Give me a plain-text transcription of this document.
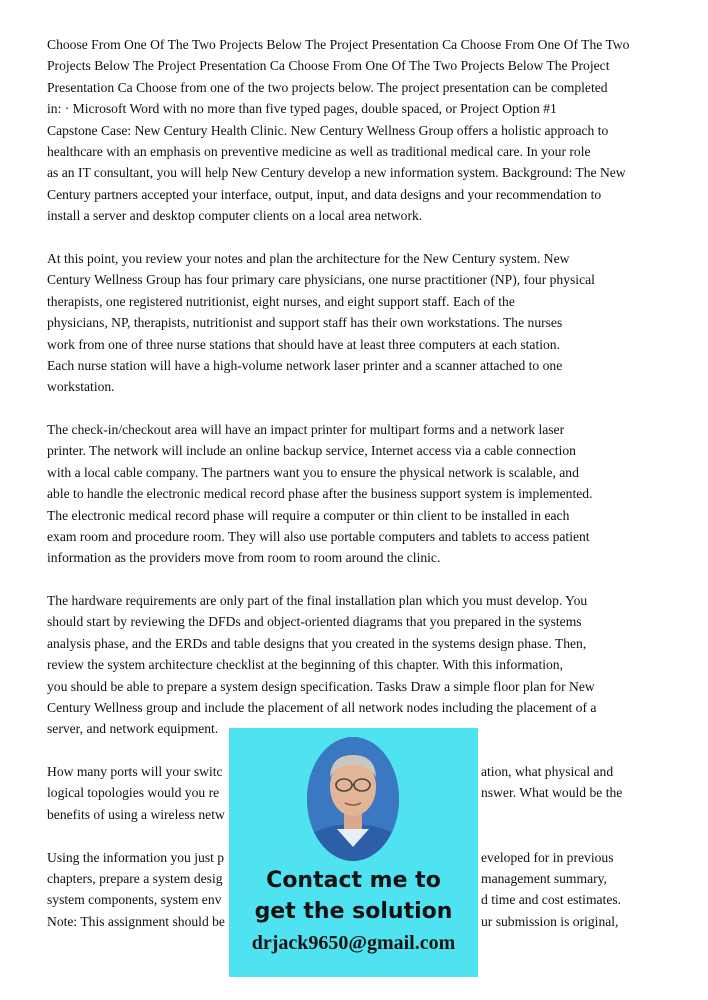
Choose From One Of The Two Projects Below The Project Presentation Ca Choose From One Of The Two
Projects Below The Project Presentation Ca Choose From One Of The Two Projects Below The Project
Presentation Ca Choose from one of the two projects below. The project presentation can be completed
in: · Microsoft Word with no more than five typed pages, double spaced, or Project Option #1
Capstone Case: New Century Health Clinic. New Century Wellness Group offers a holistic approach to
healthcare with an emphasis on preventive medicine as well as traditional medical care. In your role
as an IT consultant, you will help New Century develop a new information system. Background: The New
Century partners accepted your interface, output, input, and data designs and your recommendation to
install a server and desktop computer clients on a local area network.
At this point, you review your notes and plan the architecture for the New Century system. New
Century Wellness Group has four primary care physicians, one nurse practitioner (NP), four physical
therapists, one registered nutritionist, eight nurses, and eight support staff. Each of the
physicians, NP, therapists, nutritionist and support staff has their own workstations. The nurses
work from one of three nurse stations that should have at least three computers at each station.
Each nurse station will have a high-volume network laser printer and a scanner attached to one
workstation.
The check-in/checkout area will have an impact printer for multipart forms and a network laser
printer. The network will include an online backup service, Internet access via a cable connection
with a local cable company. The partners want you to ensure the physical network is scalable, and
able to handle the electronic medical record phase after the business support system is implemented.
The electronic medical record phase will require a computer or thin client to be installed in each
exam room and procedure room. They will also use portable computers and tablets to access patient
information as the providers move from room to room around the clinic.
The hardware requirements are only part of the final installation plan which you must develop. You
should start by reviewing the DFDs and object-oriented diagrams that you prepared in the systems
analysis phase, and the ERDs and table designs that you created in the systems design phase. Then,
review the system architecture checklist at the beginning of this chapter. With this information,
you should be able to prepare a system design specification. Tasks Draw a simple floor plan for New
Century Wellness group and include the placement of all network nodes including the placement of a
server, and network equipment.
How many ports will your switc	ation, what physical and
logical topologies would you re	nswer. What would be the
benefits of using a wireless netw
Using the information you just p	eveloped for in previous
chapters, prepare a system desig	management summary,
system components, system env	d time and cost estimates.
Note: This assignment should be	ur submission is original,
Contact me to
get the solution
drjack9650@gmail.com
